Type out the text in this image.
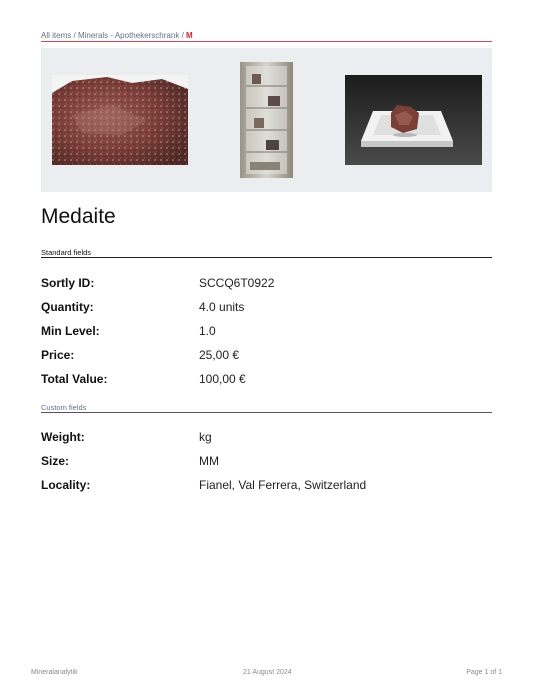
All items / Minerals - Apothekerschrank / M
Medaite
Standard fields
Sortly ID:	SCCQ6T0922
Quantity:	4.0 units
Min Level:	1.0
Price:	25,00 €
Total Value:	100,00 €
Custom fields
Weight:	kg
Size:	MM
Locality:	Fianel, Val Ferrera, Switzerland
Mineralanalytik	21 August 2024	Page 1 of 1
